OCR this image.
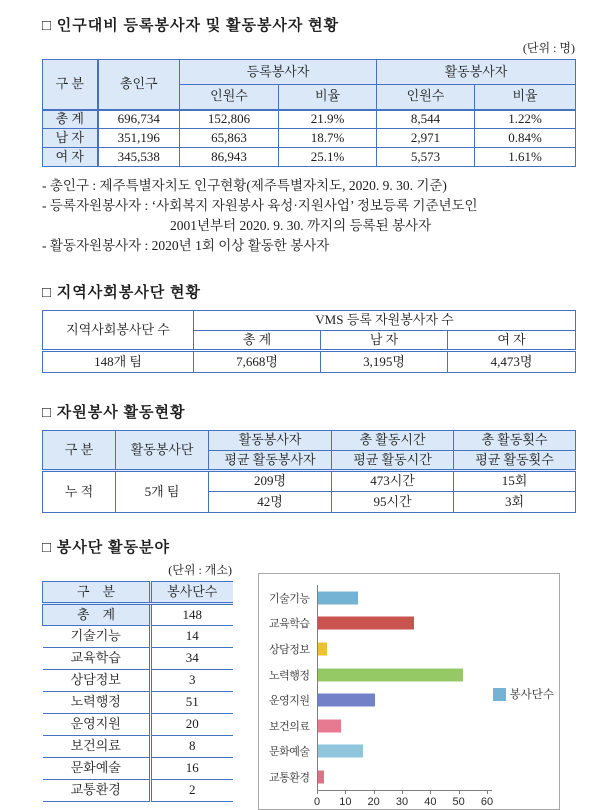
□ 인구대비 등록봉사자 및 활동봉사자 현황
(단위 : 명)
구 분	총인구	등록봉사자		활동봉사자	
		인원수	비율	인원수	비율
총 계	696,734	152,806	21.9%	8,544	1.22%
남 자	351,196	65,863	18.7%	2,971	0.84%
여 자	345,538	86,943	25.1%	5,573	1.61%
- 총인구 : 제주특별자치도 인구현황(제주특별자치도, 2020. 9. 30. 기준)
- 등록자원봉사자 : ‘사회복지 자원봉사 육성·지원사업’ 정보등록 기준년도인
2001년부터 2020. 9. 30. 까지의 등록된 봉사자
- 활동자원봉사자 : 2020년 1회 이상 활동한 봉사자
□ 지역사회봉사단 현황
지역사회봉사단 수	VMS 등록 자원봉사자 수		
	총 계	남 자	여 자
148개 팀	7,668명	3,195명	4,473명
□ 자원봉사 활동현황
구 분	활동봉사단	활동봉사자	총 활동시간	총 활동횟수
		평균 활동봉사자	평균 활동시간	평균 활동횟수
누 적	5개 팀	209명	473시간	15회
		42명	95시간	3회
□ 봉사단 활동분야
(단위 : 개소)
구    분	봉사단수
총    계	148
기술기능	14
교육학습	34
상담정보	3
노력행정	51
운영지원	20
보건의료	8
문화예술	16
교통환경	2
기술기능
교육학습
상담정보
노력행정
운영지원
보건의료
문화예술
교통환경
0 10 20 30 40 50 60
봉사단수
